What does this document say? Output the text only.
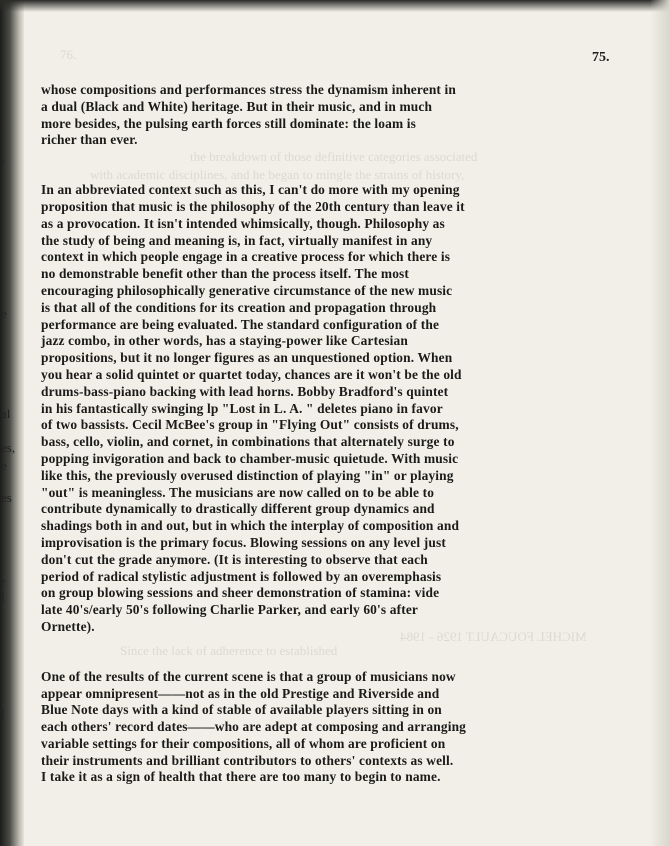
76.
the breakdown of those definitive categories associated
with academic disciplines, and he began to mingle the strains of history,
MICHEL FOUCAULT 1926 - 1984
Since the lack of adherence to established
/
e
al
es,
e
es
r
l
l
75.
whose compositions and performances stress the dynamism inherent in
a dual (Black and White) heritage. But in their music, and in much
more besides, the pulsing earth forces still dominate: the loam is
richer than ever.
In an abbreviated context such as this, I can't do more with my opening
proposition that music is the philosophy of the 20th century than leave it
as a provocation. It isn't intended whimsically, though. Philosophy as
the study of being and meaning is, in fact, virtually manifest in any
context in which people engage in a creative process for which there is
no demonstrable benefit other than the process itself. The most
encouraging philosophically generative circumstance of the new music
is that all of the conditions for its creation and propagation through
performance are being evaluated. The standard configuration of the
jazz combo, in other words, has a staying-power like Cartesian
propositions, but it no longer figures as an unquestioned option. When
you hear a solid quintet or quartet today, chances are it won't be the old
drums-bass-piano backing with lead horns. Bobby Bradford's quintet
in his fantastically swinging lp "Lost in L. A. " deletes piano in favor
of two bassists. Cecil McBee's group in "Flying Out" consists of drums,
bass, cello, violin, and cornet, in combinations that alternately surge to
popping invigoration and back to chamber-music quietude. With music
like this, the previously overused distinction of playing "in" or playing
"out" is meaningless. The musicians are now called on to be able to
contribute dynamically to drastically different group dynamics and
shadings both in and out, but in which the interplay of composition and
improvisation is the primary focus. Blowing sessions on any level just
don't cut the grade anymore. (It is interesting to observe that each
period of radical stylistic adjustment is followed by an overemphasis
on group blowing sessions and sheer demonstration of stamina: vide
late 40's/early 50's following Charlie Parker, and early 60's after
Ornette).
One of the results of the current scene is that a group of musicians now
appear omnipresent——not as in the old Prestige and Riverside and
Blue Note days with a kind of stable of available players sitting in on
each others' record dates——who are adept at composing and arranging
variable settings for their compositions, all of whom are proficient on
their instruments and brilliant contributors to others' contexts as well.
I take it as a sign of health that there are too many to begin to name.
